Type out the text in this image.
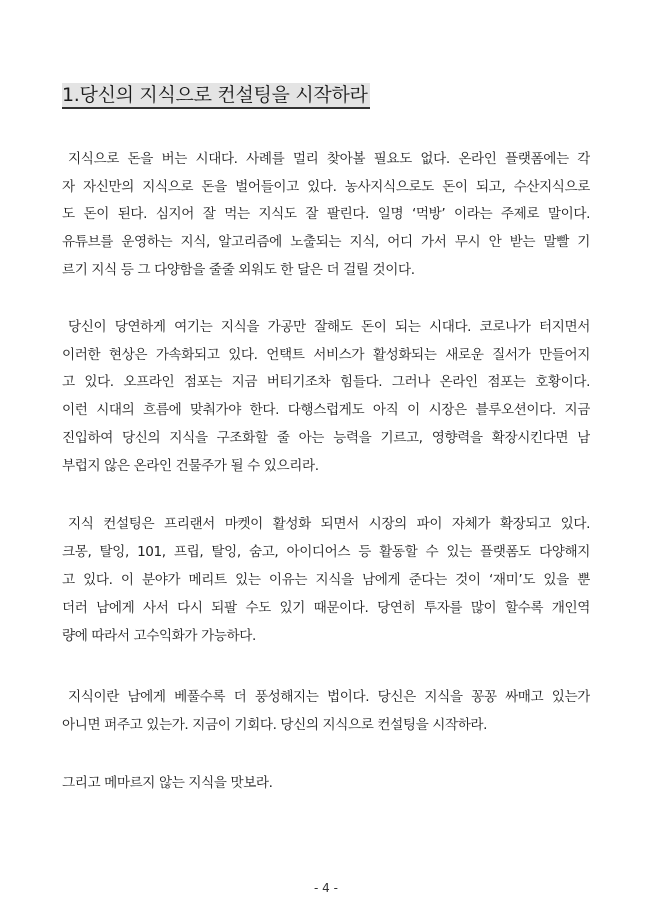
1.당신의 지식으로 컨설팅을 시작하라
지식으로 돈을 버는 시대다. 사례를 멀리 찾아볼 필요도 없다. 온라인 플랫폼에는 각
자 자신만의 지식으로 돈을 벌어들이고 있다. 농사지식으로도 돈이 되고, 수산지식으로
도 돈이 된다. 심지어 잘 먹는 지식도 잘 팔린다. 일명 ‘먹방’ 이라는 주제로 말이다.
유튜브를 운영하는 지식, 알고리즘에 노출되는 지식, 어디 가서 무시 안 받는 말빨 기
르기 지식 등 그 다양함을 줄줄 외워도 한 달은 더 걸릴 것이다.
당신이 당연하게 여기는 지식을 가공만 잘해도 돈이 되는 시대다. 코로나가 터지면서
이러한 현상은 가속화되고 있다. 언택트 서비스가 활성화되는 새로운 질서가 만들어지
고 있다. 오프라인 점포는 지금 버티기조차 힘들다. 그러나 온라인 점포는 호황이다.
이런 시대의 흐름에 맞춰가야 한다. 다행스럽게도 아직 이 시장은 블루오션이다. 지금
진입하여 당신의 지식을 구조화할 줄 아는 능력을 기르고, 영향력을 확장시킨다면 남
부럽지 않은 온라인 건물주가 될 수 있으리라.
지식 컨설팅은 프리랜서 마켓이 활성화 되면서 시장의 파이 자체가 확장되고 있다.
크몽, 탈잉, 101, 프립, 탈잉, 숨고, 아이디어스 등 활동할 수 있는 플랫폼도 다양해지
고 있다. 이 분야가 메리트 있는 이유는 지식을 남에게 준다는 것이 ‘재미’도 있을 뿐
더러 남에게 사서 다시 되팔 수도 있기 때문이다. 당연히 투자를 많이 할수록 개인역
량에 따라서 고수익화가 가능하다.
지식이란 남에게 베풀수록 더 풍성해지는 법이다. 당신은 지식을 꽁꽁 싸매고 있는가
아니면 퍼주고 있는가. 지금이 기회다. 당신의 지식으로 컨설팅을 시작하라.
그리고 메마르지 않는 지식을 맛보라.
- 4 -
